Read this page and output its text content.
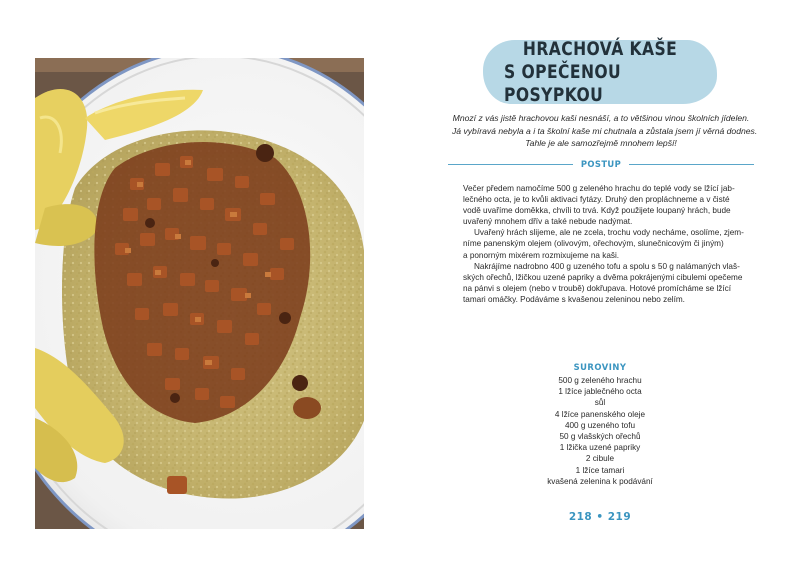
HRACHOVÁ KAŠE
S OPEČENOU POSYPKOU
Mnozí z vás jistě hrachovou kaši nesnáší, a to většinou vinou školních jídelen.
Já vybíravá nebyla a i ta školní kaše mi chutnala a zůstala jsem jí věrná dodnes.
Tahle je ale samozřejmě mnohem lepší!
POSTUP
Večer předem namočíme 500 g zeleného hrachu do teplé vody se lžící jab-
lečného octa, je to kvůli aktivaci fytázy. Druhý den propláchneme a v čisté
vodě uvaříme doměkka, chvíli to trvá. Když použijete loupaný hrách, bude
uvařený mnohem dřív a také nebude nadýmat.
Uvařený hrách slijeme, ale ne zcela, trochu vody necháme, osolíme, zjem-
níme panenským olejem (olivovým, ořechovým, slunečnicovým či jiným)
a ponorným mixérem rozmixujeme na kaši.
Nakrájíme nadrobno 400 g uzeného tofu a spolu s 50 g nalámaných vlaš-
ských ořechů, lžičkou uzené papriky a dvěma pokrájenými cibulemi opečeme
na pánvi s olejem (nebo v troubě) dokřupava. Hotové promícháme se lžící
tamari omáčky. Podáváme s kvašenou zeleninou nebo zelím.
SUROVINY
500 g zeleného hrachu
1 lžíce jablečného octa
sůl
4 lžíce panenského oleje
400 g uzeného tofu
50 g vlašských ořechů
1 lžička uzené papriky
2 cibule
1 lžíce tamari
kvašená zelenina k podávání
218 • 219
